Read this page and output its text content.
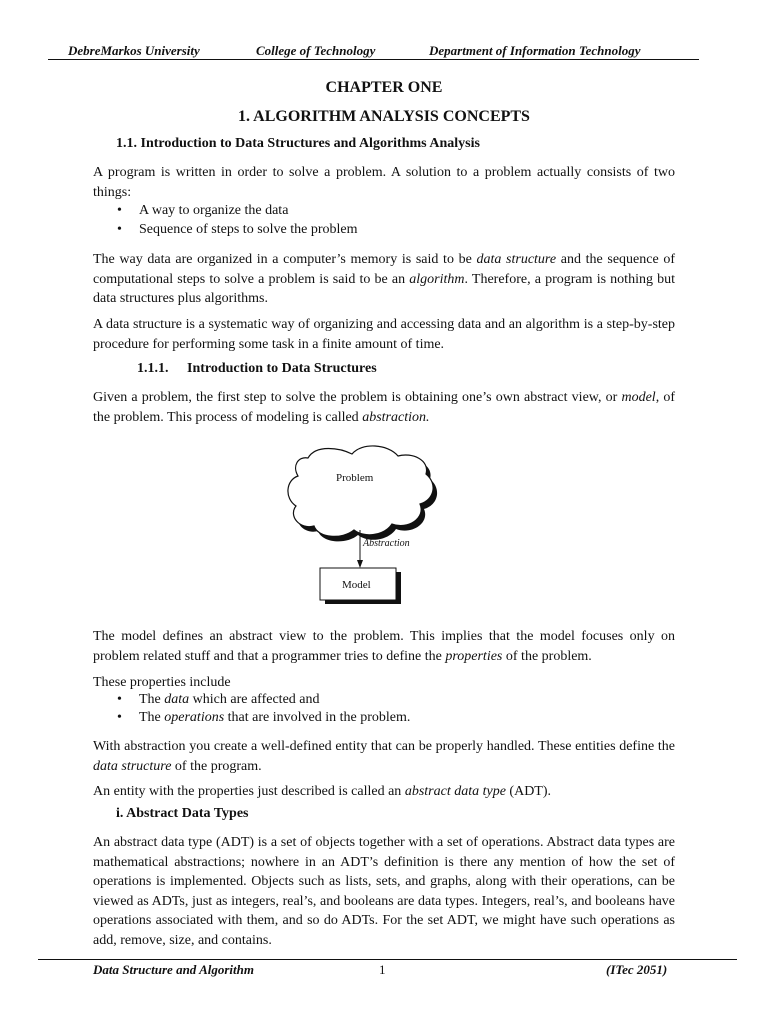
DebreMarkos University	College of Technology	Department of Information Technology
CHAPTER ONE
1. ALGORITHM ANALYSIS CONCEPTS
1.1. Introduction to Data Structures and Algorithms Analysis
A program is written in order to solve a problem. A solution to a problem actually consists of two things:
• A way to organize the data
• Sequence of steps to solve the problem
The way data are organized in a computer’s memory is said to be data structure and the sequence of computational steps to solve a problem is said to be an algorithm. Therefore, a program is nothing but data structures plus algorithms.
A data structure is a systematic way of organizing and accessing data and an algorithm is a step-by-step procedure for performing some task in a finite amount of time.
1.1.1. Introduction to Data Structures
Given a problem, the first step to solve the problem is obtaining one’s own abstract view, or model, of the problem. This process of modeling is called abstraction.
Problem
Abstraction
Model
The model defines an abstract view to the problem. This implies that the model focuses only on problem related stuff and that a programmer tries to define the properties of the problem.
These properties include
• The data which are affected and
• The operations that are involved in the problem.
With abstraction you create a well-defined entity that can be properly handled. These entities define the data structure of the program.
An entity with the properties just described is called an abstract data type (ADT).
i. Abstract Data Types
An abstract data type (ADT) is a set of objects together with a set of operations. Abstract data types are mathematical abstractions; nowhere in an ADT’s definition is there any mention of how the set of operations is implemented. Objects such as lists, sets, and graphs, along with their operations, can be viewed as ADTs, just as integers, real’s, and booleans are data types. Integers, real’s, and booleans have operations associated with them, and so do ADTs. For the set ADT, we might have such operations as add, remove, size, and contains.
Data Structure and Algorithm	1	(ITec 2051)
